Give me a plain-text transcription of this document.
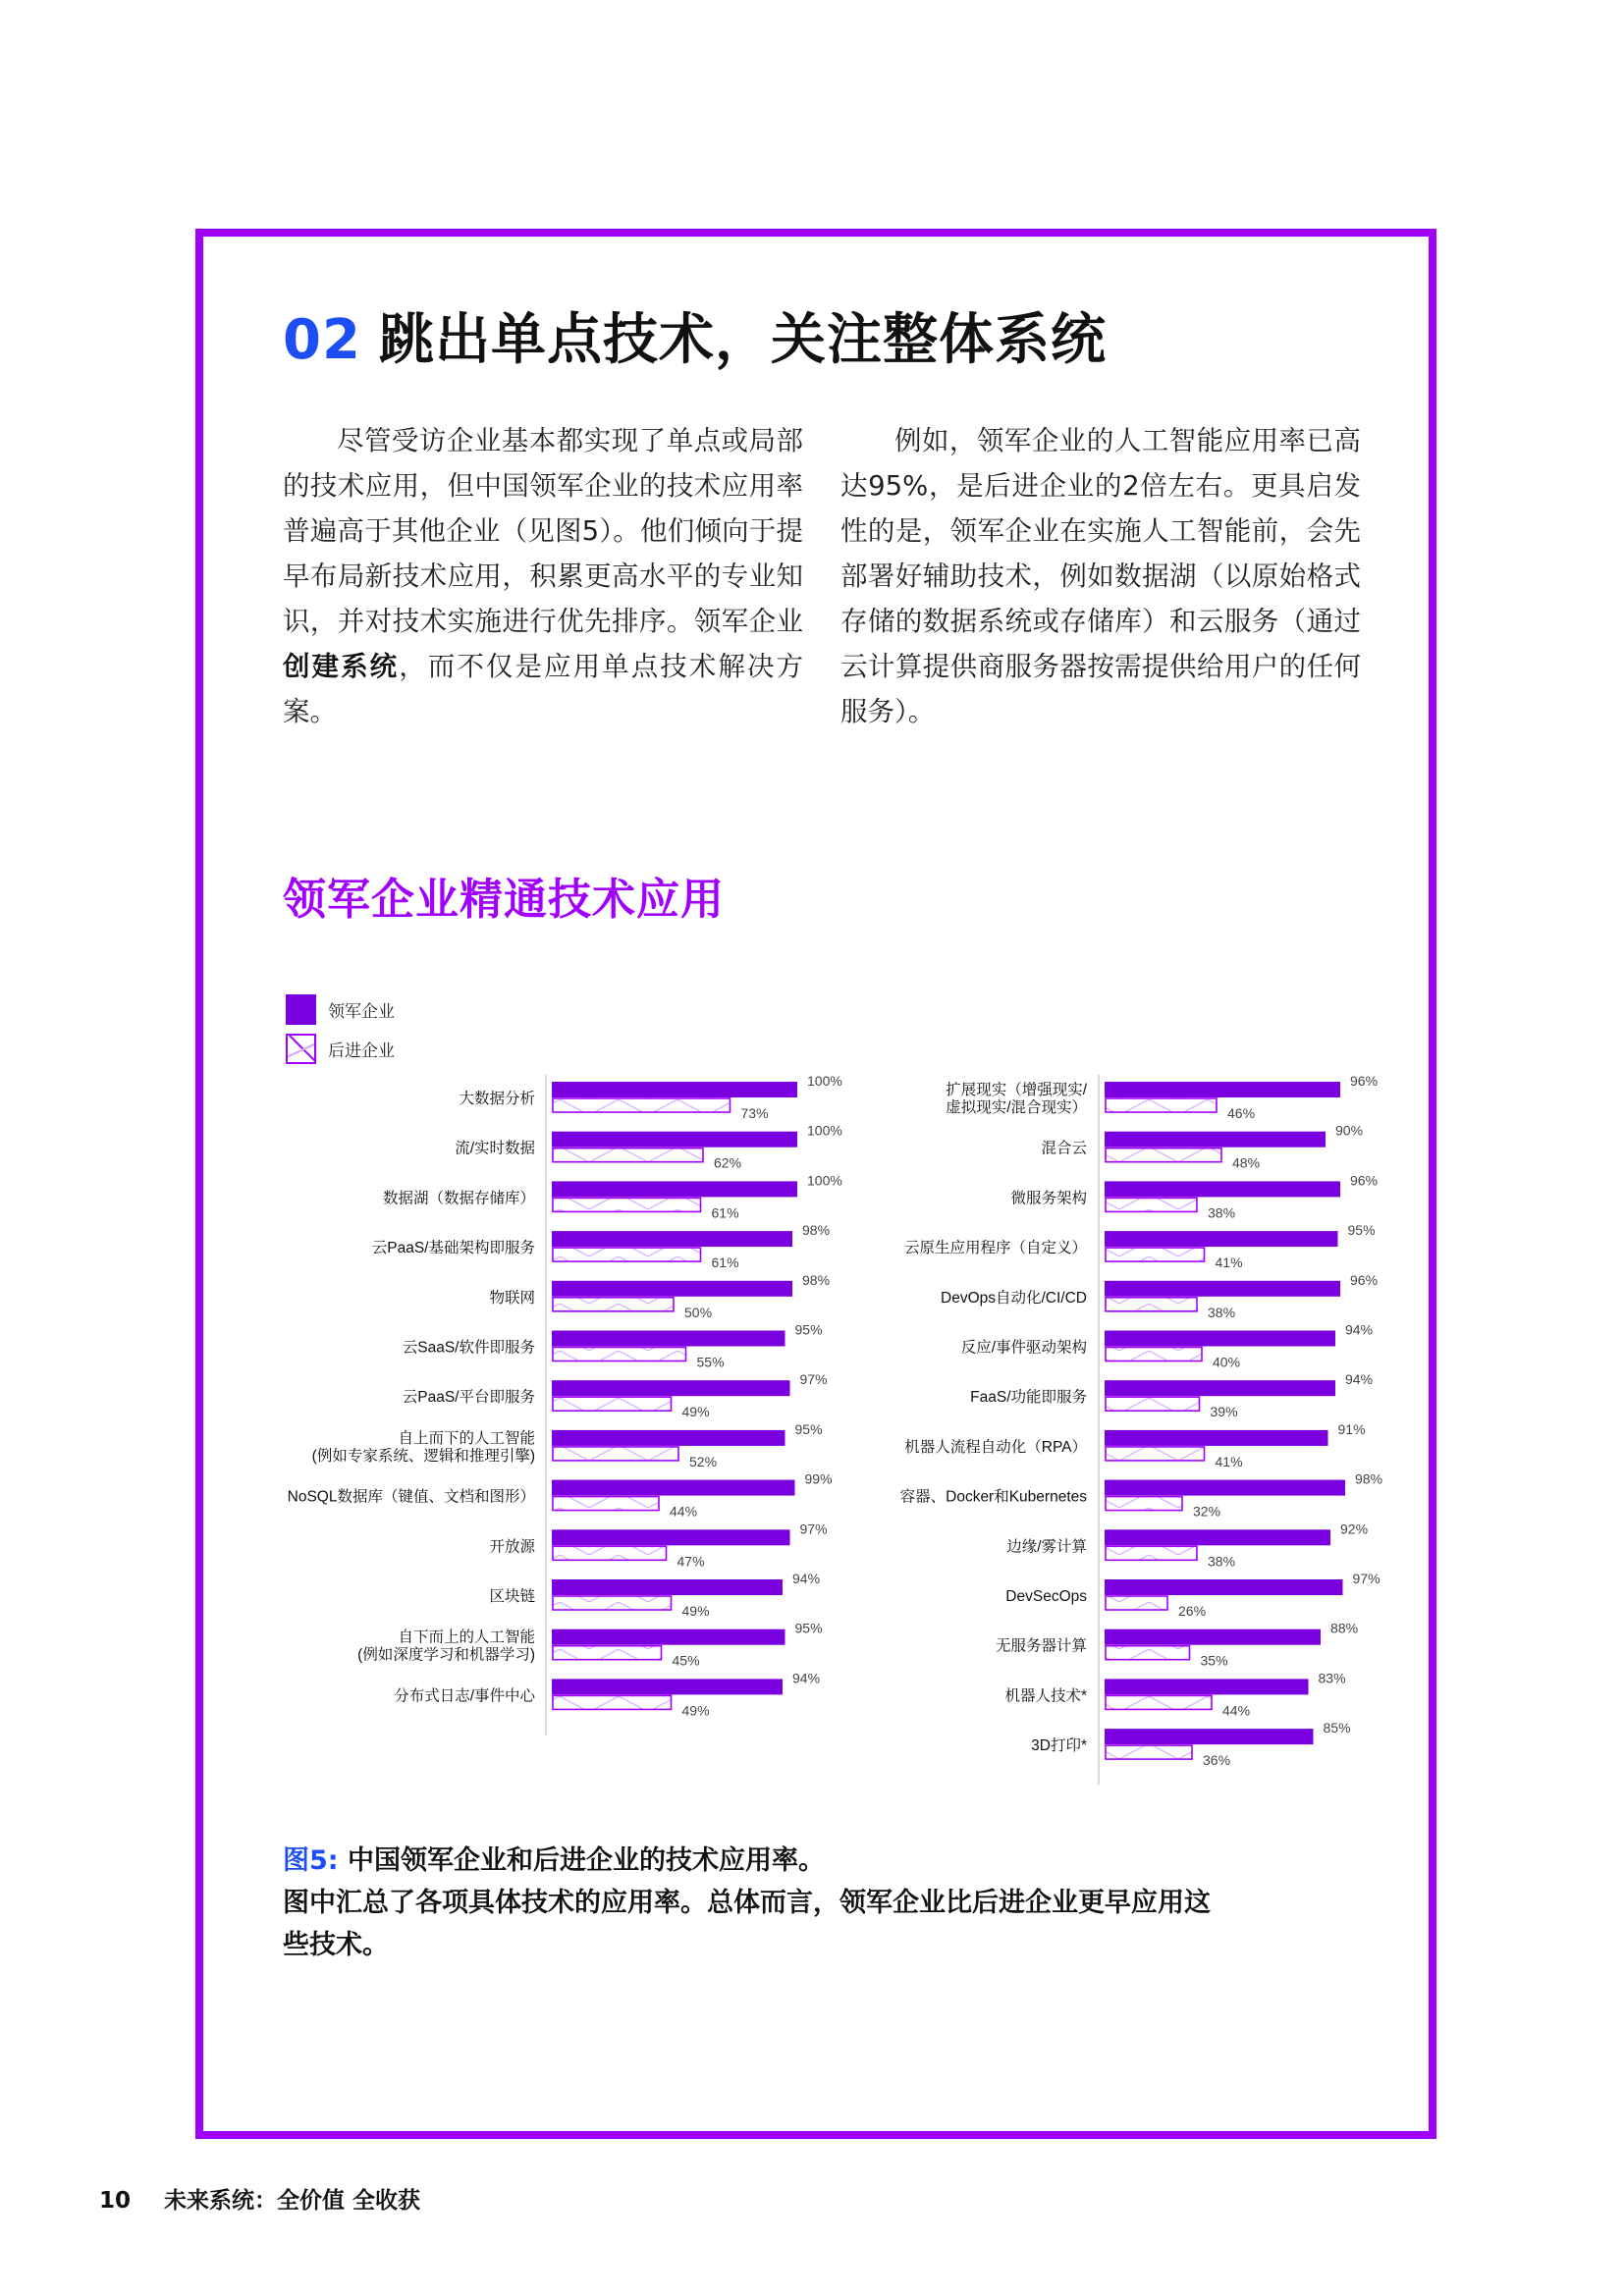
02 跳出单点技术，关注整体系统

尽管受访企业基本都实现了单点或局部的技术应用，但中国领军企业的技术应用率普遍高于其他企业（见图5）。他们倾向于提早布局新技术应用，积累更高水平的专业知识，并对技术实施进行优先排序。领军企业创建系统，而不仅是应用单点技术解决方案。

例如，领军企业的人工智能应用率已高达95%，是后进企业的2倍左右。更具启发性的是，领军企业在实施人工智能前，会先部署好辅助技术，例如数据湖（以原始格式存储的数据系统或存储库）和云服务（通过云计算提供商服务器按需提供给用户的任何服务）。

领军企业精通技术应用
领军企业
后进企业
100%
73%
大数据分析
100%
62%
流/实时数据
100%
61%
数据湖（数据存储库）
98%
61%
云PaaS/基础架构即服务
98%
50%
物联网
95%
55%
云SaaS/软件即服务
97%
49%
云PaaS/平台即服务
95%
52%
自上而下的人工智能(例如专家系统、逻辑和推理引擎)
99%
44%
NoSQL数据库（键值、文档和图形）
97%
47%
开放源
94%
49%
区块链
95%
45%
自下而上的人工智能(例如深度学习和机器学习)
94%
49%
分布式日志/事件中心
96%
46%
扩展现实（增强现实/虚拟现实/混合现实）
90%
48%
混合云
96%
38%
微服务架构
95%
41%
云原生应用程序（自定义）
96%
38%
DevOps自动化/CI/CD
94%
40%
反应/事件驱动架构
94%
39%
FaaS/功能即服务
91%
41%
机器人流程自动化（RPA）
98%
32%
容器、Docker和Kubernetes
92%
38%
边缘/雾计算
97%
26%
DevSecOps
88%
35%
无服务器计算
83%
44%
机器人技术*
85%
36%
3D打印*
图5: 中国领军企业和后进企业的技术应用率。
图中汇总了各项具体技术的应用率。总体而言，领军企业比后进企业更早应用这些技术。
10 未来系统：全价值 全收获
